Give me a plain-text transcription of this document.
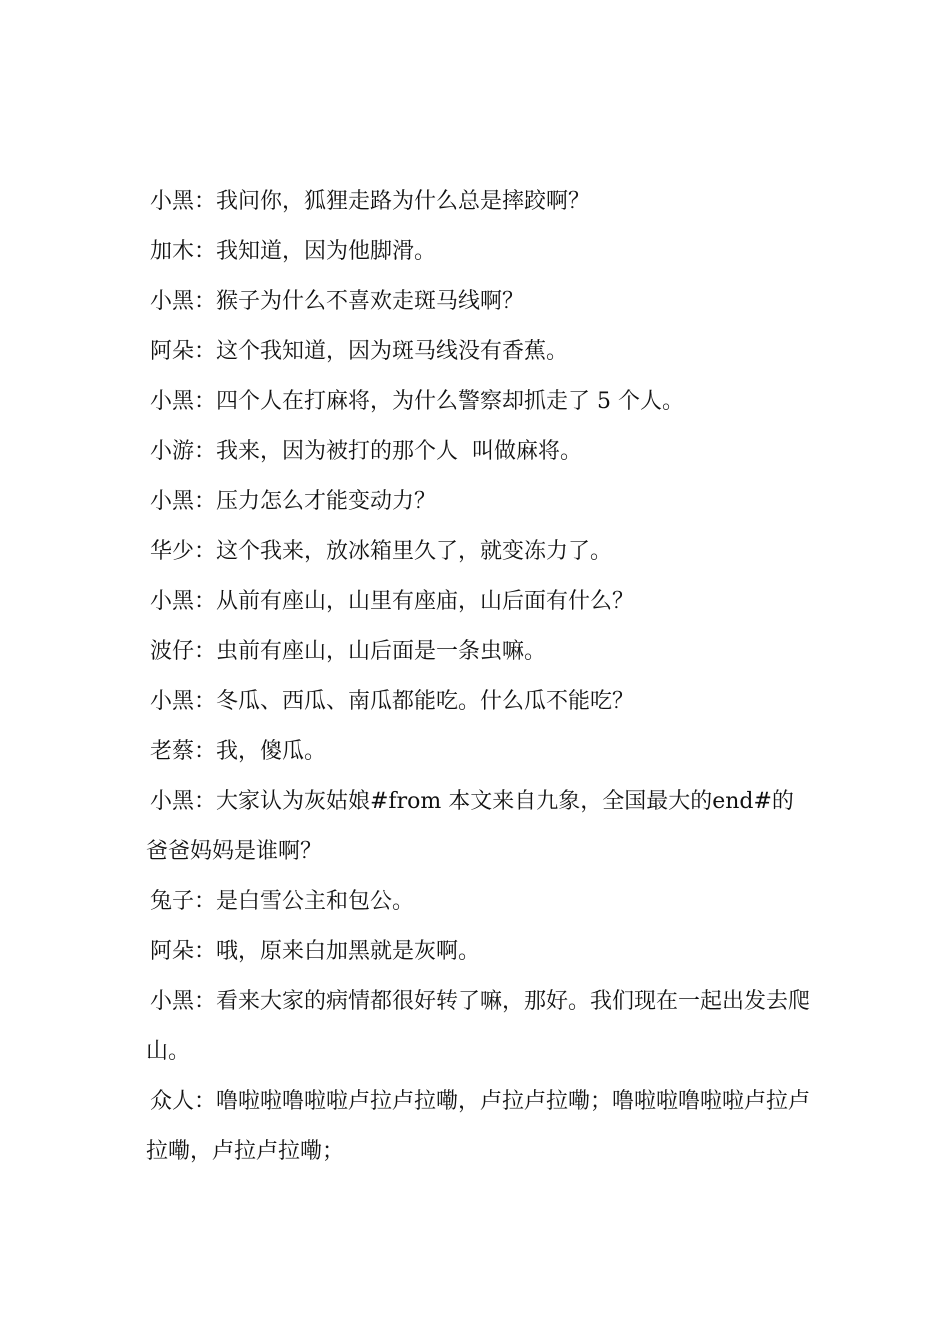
小黑：我问你，狐狸走路为什么总是摔跤啊？

加木：我知道，因为他脚滑。

小黑：猴子为什么不喜欢走斑马线啊？

阿朵：这个我知道，因为斑马线没有香蕉。

小黑：四个人在打麻将，为什么警察却抓走了 5 个人。

小游：我来，因为被打的那个人  叫做麻将。

小黑：压力怎么才能变动力？

华少：这个我来，放冰箱里久了，就变冻力了。

小黑：从前有座山，山里有座庙，山后面有什么？

波仔：虫前有座山，山后面是一条虫嘛。

小黑：冬瓜、西瓜、南瓜都能吃。什么瓜不能吃？

老蔡：我，傻瓜。

小黑：大家认为灰姑娘#from 本文来自九象，全国最大的end#的爸爸妈妈是谁啊？

兔子：是白雪公主和包公。

阿朵：哦，原来白加黑就是灰啊。

小黑：看来大家的病情都很好转了嘛，那好。我们现在一起出发去爬山。

众人：噜啦啦噜啦啦卢拉卢拉嘞，卢拉卢拉嘞；噜啦啦噜啦啦卢拉卢拉嘞，卢拉卢拉嘞；
